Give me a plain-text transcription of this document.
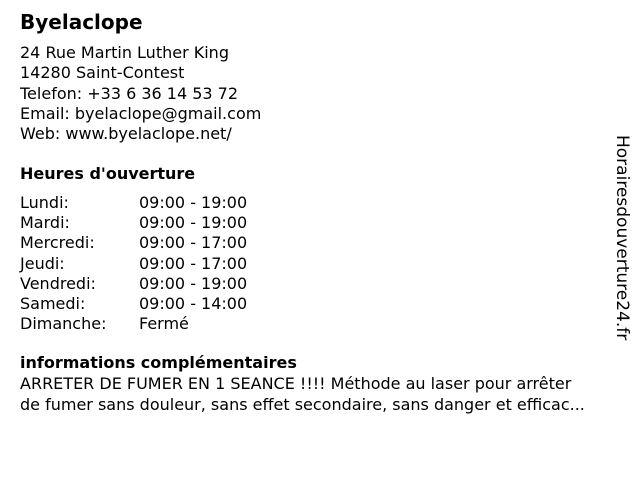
Byelaclope
24 Rue Martin Luther King
14280 Saint-Contest
Telefon: +33 6 36 14 53 72
Email: byelaclope@gmail.com
Web: www.byelaclope.net/
Heures d'ouverture
Lundi:	09:00 - 19:00
Mardi:	09:00 - 19:00
Mercredi:	09:00 - 17:00
Jeudi:	09:00 - 17:00
Vendredi:	09:00 - 19:00
Samedi:	09:00 - 14:00
Dimanche: Fermé
informations complémentaires
ARRETER DE FUMER EN 1 SEANCE !!!! Méthode au laser pour arrêter
de fumer sans douleur, sans effet secondaire, sans danger et efficac...
Horairesdouverture24.fr
